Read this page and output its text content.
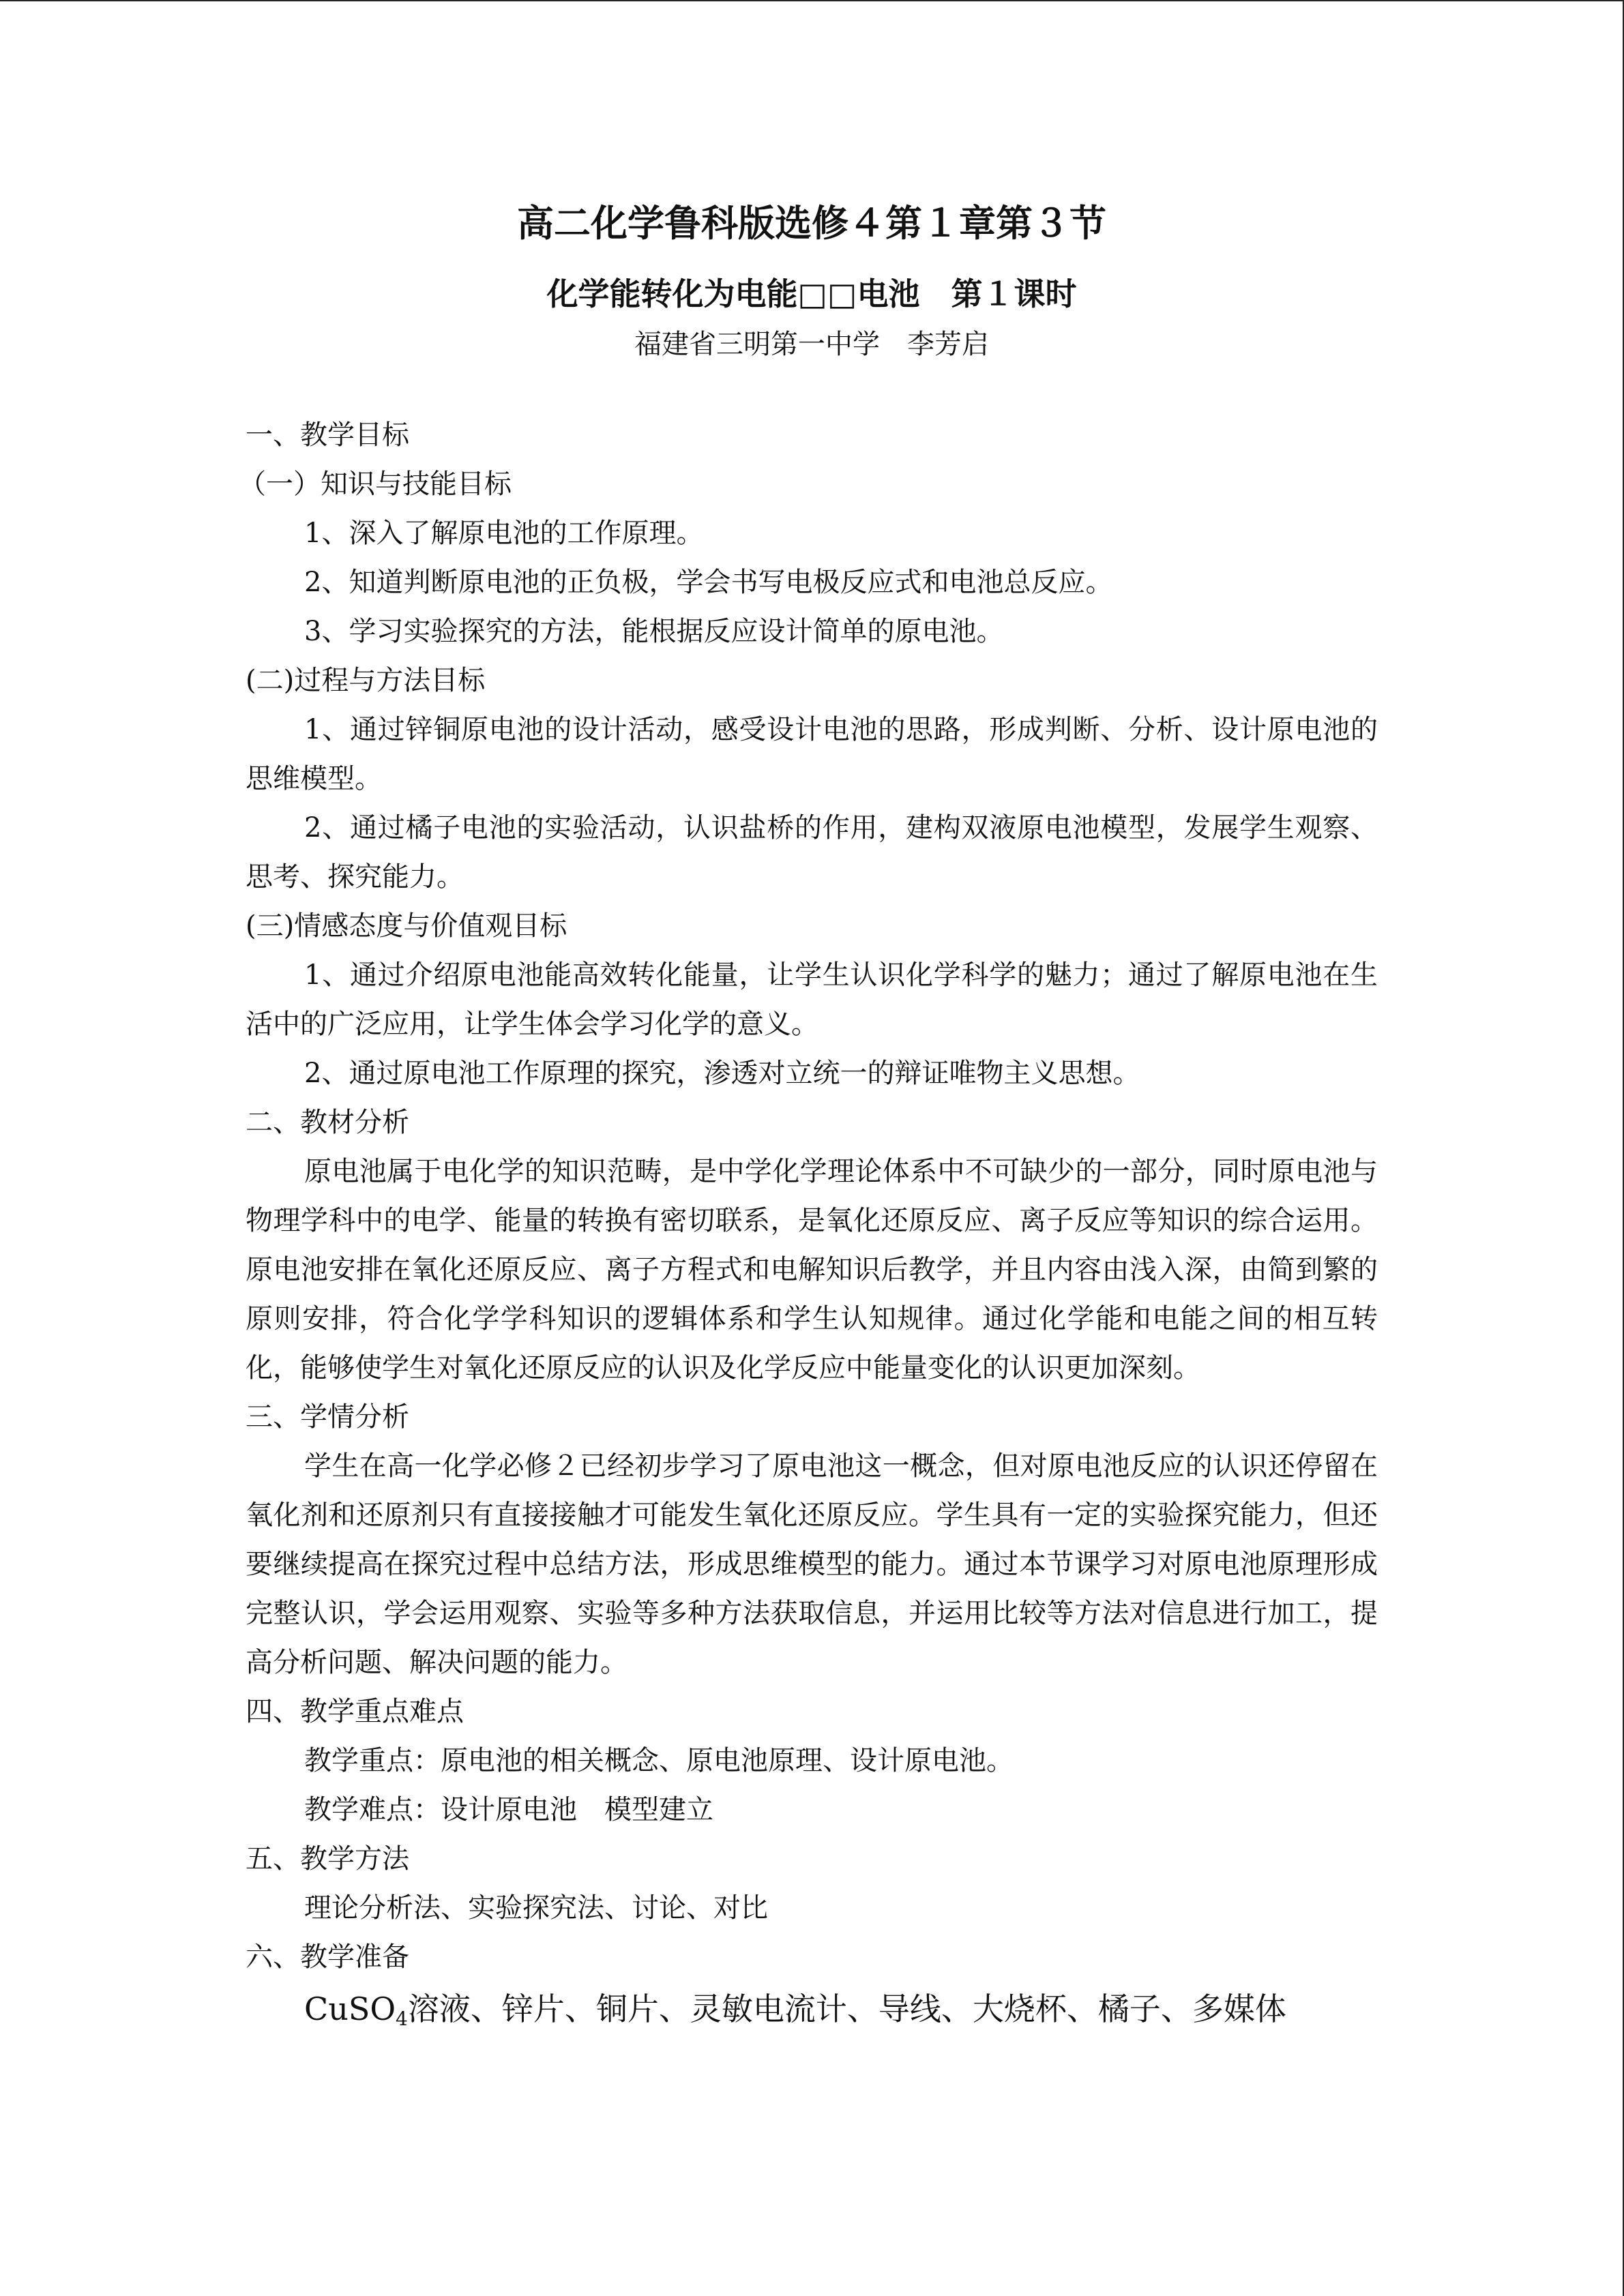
高二化学鲁科版选修４第１章第３节
化学能转化为电能□□电池　第１课时
福建省三明第一中学　李芳启

一、教学目标

（一）知识与技能目标

1、深入了解原电池的工作原理。

2、知道判断原电池的正负极，学会书写电极反应式和电池总反应。

3、学习实验探究的方法，能根据反应设计简单的原电池。

(二)过程与方法目标

1、通过锌铜原电池的设计活动，感受设计电池的思路，形成判断、分析、设计原电池的思维模型。

2、通过橘子电池的实验活动，认识盐桥的作用，建构双液原电池模型，发展学生观察、思考、探究能力。

(三)情感态度与价值观目标

1、通过介绍原电池能高效转化能量，让学生认识化学科学的魅力；通过了解原电池在生活中的广泛应用，让学生体会学习化学的意义。

2、通过原电池工作原理的探究，渗透对立统一的辩证唯物主义思想。

二、教材分析

原电池属于电化学的知识范畴，是中学化学理论体系中不可缺少的一部分，同时原电池与物理学科中的电学、能量的转换有密切联系，是氧化还原反应、离子反应等知识的综合运用。原电池安排在氧化还原反应、离子方程式和电解知识后教学，并且内容由浅入深，由简到繁的原则安排，符合化学学科知识的逻辑体系和学生认知规律。通过化学能和电能之间的相互转化，能够使学生对氧化还原反应的认识及化学反应中能量变化的认识更加深刻。

三、学情分析

学生在高一化学必修２已经初步学习了原电池这一概念，但对原电池反应的认识还停留在氧化剂和还原剂只有直接接触才可能发生氧化还原反应。学生具有一定的实验探究能力，但还要继续提高在探究过程中总结方法，形成思维模型的能力。通过本节课学习对原电池原理形成完整认识，学会运用观察、实验等多种方法获取信息，并运用比较等方法对信息进行加工，提高分析问题、解决问题的能力。

四、教学重点难点

教学重点：原电池的相关概念、原电池原理、设计原电池。

教学难点：设计原电池　模型建立

五、教学方法

理论分析法、实验探究法、讨论、对比

六、教学准备

CuSO$_4$溶液、锌片、铜片、灵敏电流计、导线、大烧杯、橘子、多媒体
